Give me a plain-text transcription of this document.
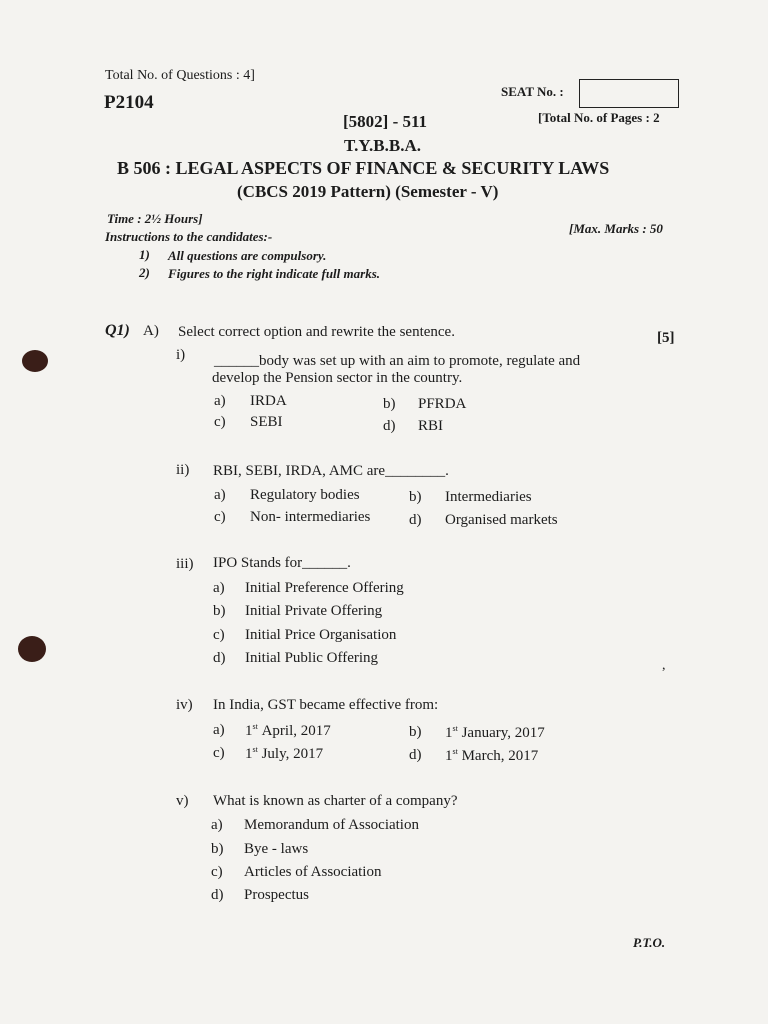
Total No. of Questions : 4]
P2104
SEAT No. :
[5802] - 511	[Total No. of Pages : 2
T.Y.B.B.A.
B 506 : LEGAL ASPECTS OF FINANCE & SECURITY LAWS
(CBCS 2019 Pattern) (Semester - V)
Time : 2½ Hours]
[Max. Marks : 50
Instructions to the candidates:-
1) All questions are compulsory.
2) Figures to the right indicate full marks.
Q1) A) Select correct option and rewrite the sentence.	[5]
i) ______body was set up with an aim to promote, regulate and
develop the Pension sector in the country.
a) IRDA	b) PFRDA
c) SEBI	d) RBI
ii) RBI, SEBI, IRDA, AMC are________.
a) Regulatory bodies	b) Intermediaries
c) Non- intermediaries	d) Organised markets
iii) IPO Stands for______.
a) Initial Preference Offering
b) Initial Private Offering
c) Initial Price Organisation
d) Initial Public Offering	,
iv) In India, GST became effective from:
a) 1st April, 2017	b) 1st January, 2017
c) 1st July, 2017	d) 1st March, 2017
v) What is known as charter of a company?
a) Memorandum of Association
b) Bye - laws
c) Articles of Association
d) Prospectus
P.T.O.
